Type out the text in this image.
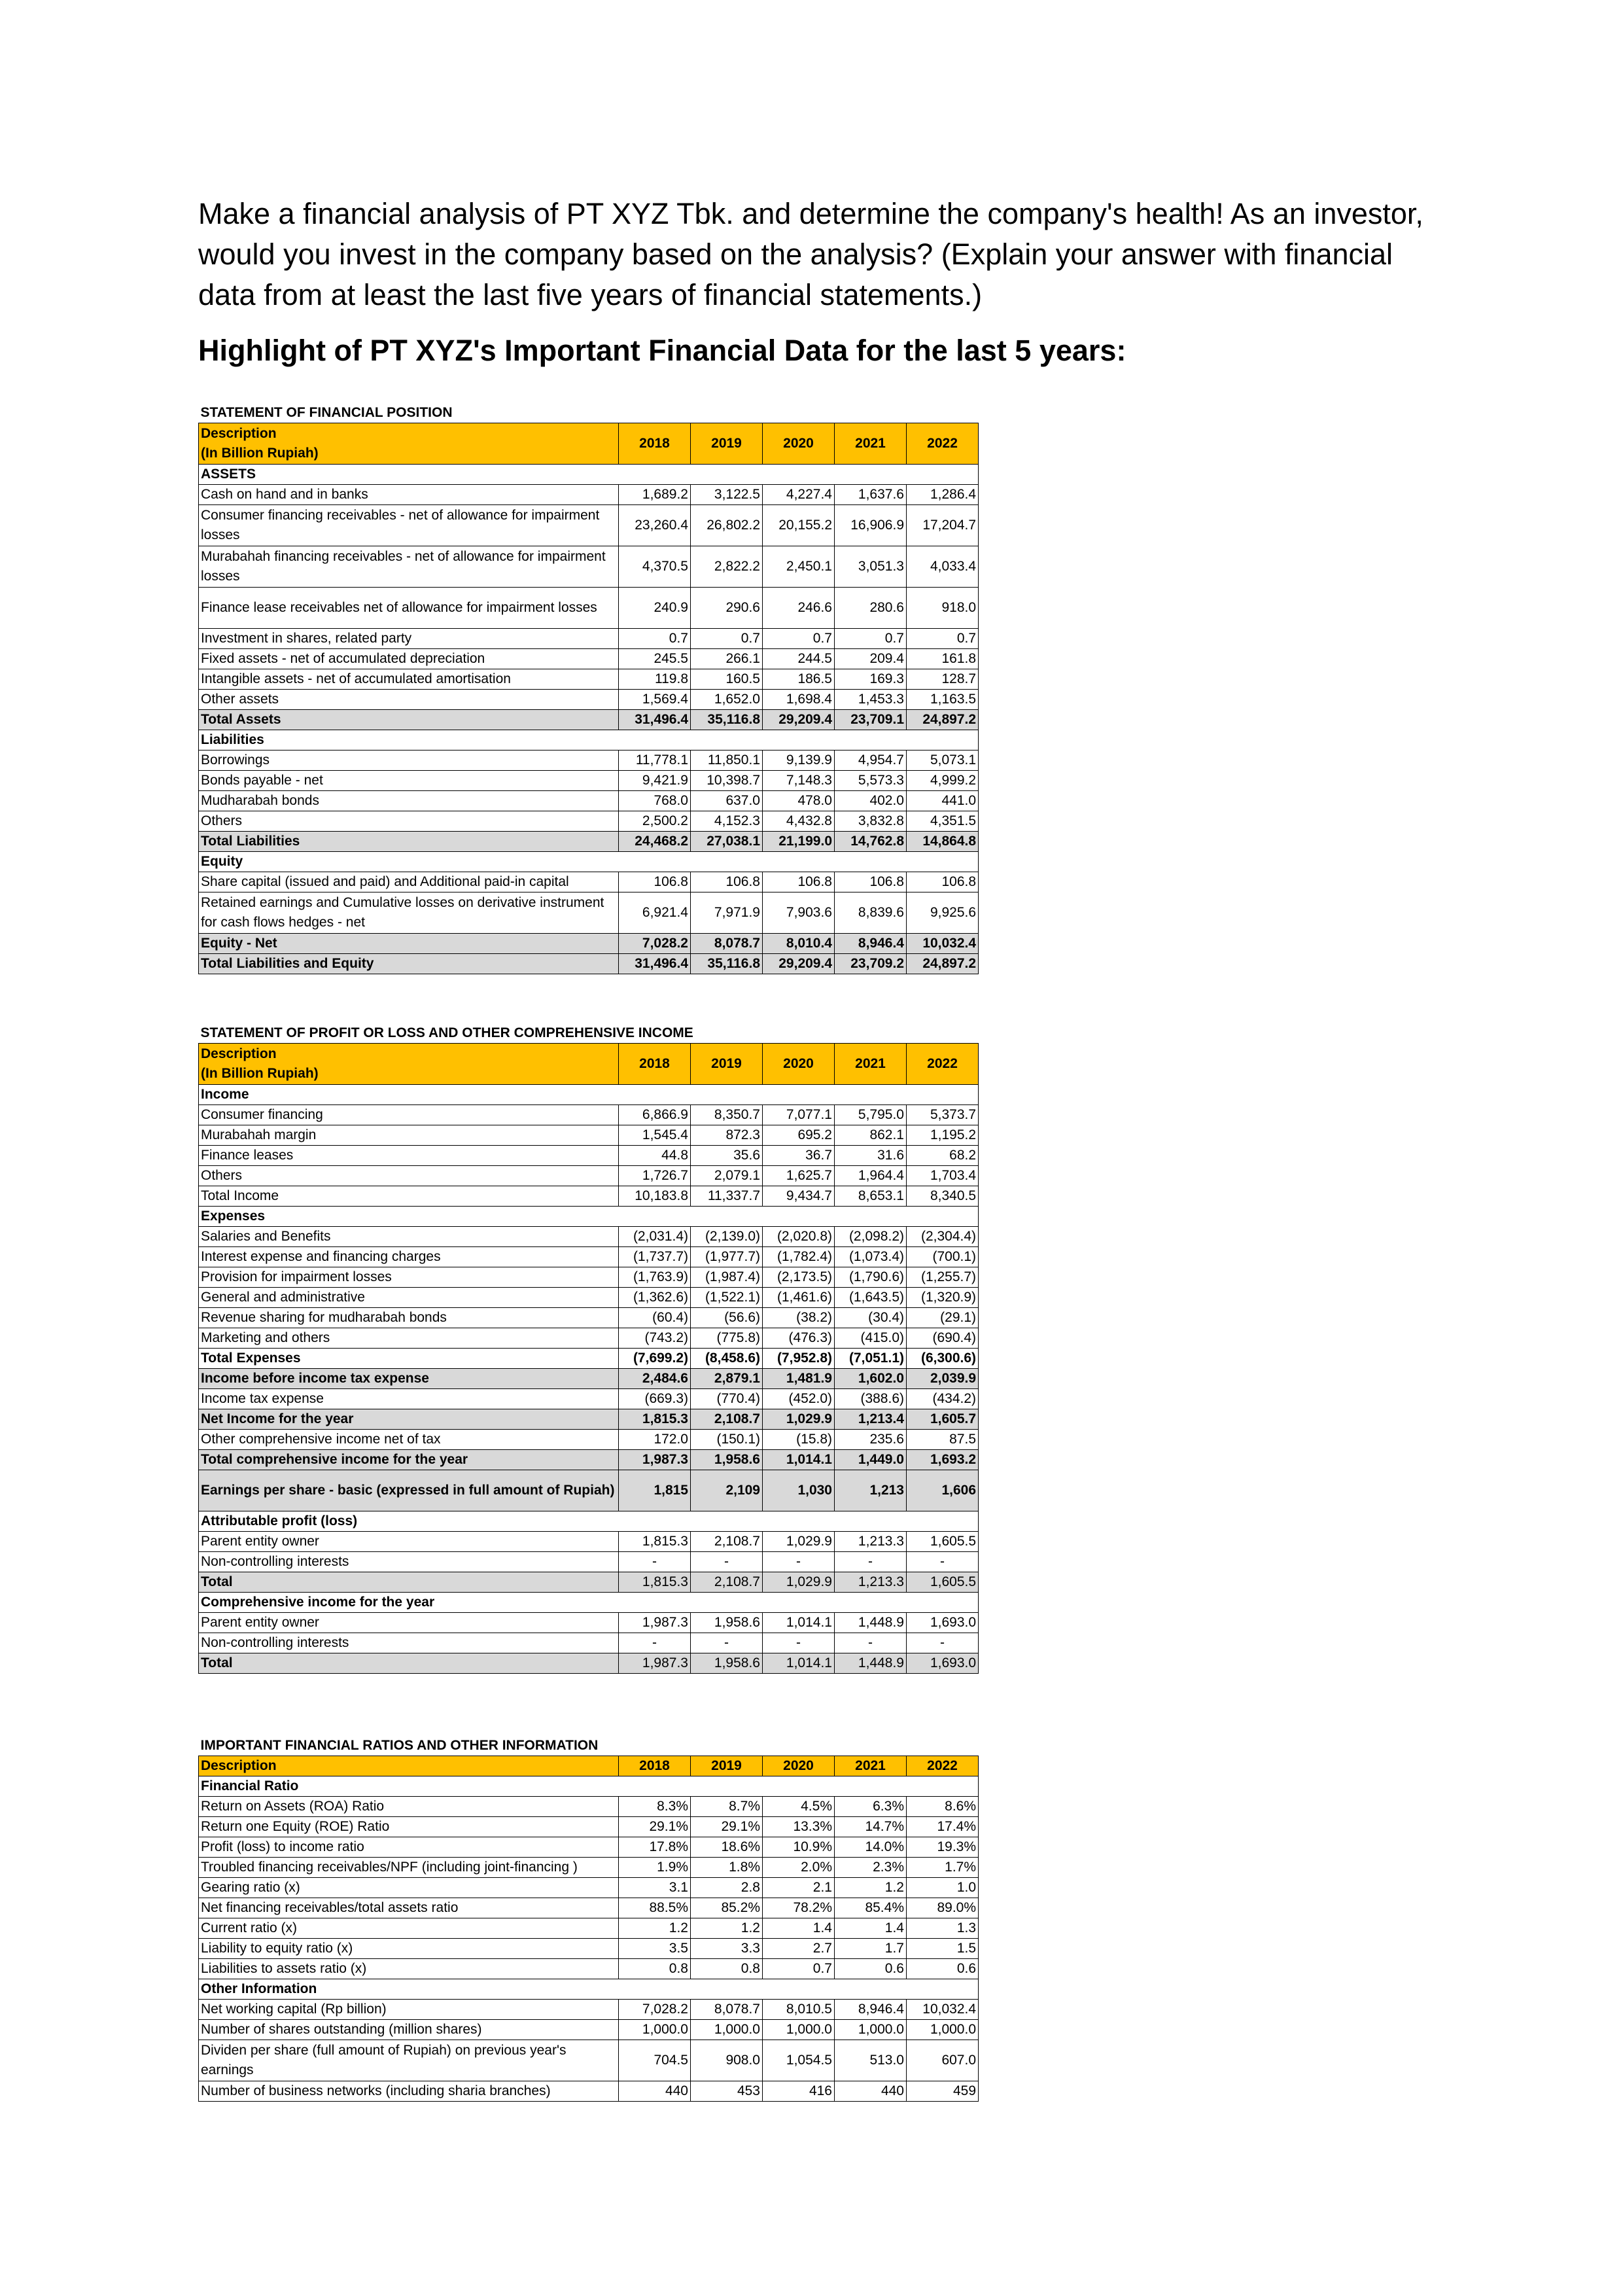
Make a financial analysis of PT XYZ Tbk. and determine the company's health! As an investor, would you invest in the company based on the analysis? (Explain your answer with financial data from at least the last five years of financial statements.)

Highlight of PT XYZ's Important Financial Data for the last 5 years:
STATEMENT OF FINANCIAL POSITION					
Description
(In Billion Rupiah)	2018	2019	2020	2021	2022
ASSETS					
Cash on hand and in banks	1,689.2	3,122.5	4,227.4	1,637.6	1,286.4
Consumer financing receivables - net of allowance for impairment losses	23,260.4	26,802.2	20,155.2	16,906.9	17,204.7
Murabahah financing receivables - net of allowance for impairment losses	4,370.5	2,822.2	2,450.1	3,051.3	4,033.4
Finance lease receivables net of allowance for impairment losses	240.9	290.6	246.6	280.6	918.0
Investment in shares, related party	0.7	0.7	0.7	0.7	0.7
Fixed assets - net of accumulated depreciation	245.5	266.1	244.5	209.4	161.8
Intangible assets - net of accumulated amortisation	119.8	160.5	186.5	169.3	128.7
Other assets	1,569.4	1,652.0	1,698.4	1,453.3	1,163.5
Total Assets	31,496.4	35,116.8	29,209.4	23,709.1	24,897.2
Liabilities					
Borrowings	11,778.1	11,850.1	9,139.9	4,954.7	5,073.1
Bonds payable - net	9,421.9	10,398.7	7,148.3	5,573.3	4,999.2
Mudharabah bonds	768.0	637.0	478.0	402.0	441.0
Others	2,500.2	4,152.3	4,432.8	3,832.8	4,351.5
Total Liabilities	24,468.2	27,038.1	21,199.0	14,762.8	14,864.8
Equity					
Share capital (issued and paid) and Additional paid-in capital	106.8	106.8	106.8	106.8	106.8
Retained earnings and Cumulative losses on derivative instrument for cash flows hedges - net	6,921.4	7,971.9	7,903.6	8,839.6	9,925.6
Equity - Net	7,028.2	8,078.7	8,010.4	8,946.4	10,032.4
Total Liabilities and Equity	31,496.4	35,116.8	29,209.4	23,709.2	24,897.2
STATEMENT OF PROFIT OR LOSS AND OTHER COMPREHENSIVE INCOME					
Description
(In Billion Rupiah)	2018	2019	2020	2021	2022
Income					
Consumer financing	6,866.9	8,350.7	7,077.1	5,795.0	5,373.7
Murabahah margin	1,545.4	872.3	695.2	862.1	1,195.2
Finance leases	44.8	35.6	36.7	31.6	68.2
Others	1,726.7	2,079.1	1,625.7	1,964.4	1,703.4
Total Income	10,183.8	11,337.7	9,434.7	8,653.1	8,340.5
Expenses					
Salaries and Benefits	(2,031.4)	(2,139.0)	(2,020.8)	(2,098.2)	(2,304.4)
Interest expense and financing charges	(1,737.7)	(1,977.7)	(1,782.4)	(1,073.4)	(700.1)
Provision for impairment losses	(1,763.9)	(1,987.4)	(2,173.5)	(1,790.6)	(1,255.7)
General and administrative	(1,362.6)	(1,522.1)	(1,461.6)	(1,643.5)	(1,320.9)
Revenue sharing for mudharabah bonds	(60.4)	(56.6)	(38.2)	(30.4)	(29.1)
Marketing and others	(743.2)	(775.8)	(476.3)	(415.0)	(690.4)
Total Expenses	(7,699.2)	(8,458.6)	(7,952.8)	(7,051.1)	(6,300.6)
Income before income tax expense	2,484.6	2,879.1	1,481.9	1,602.0	2,039.9
Income tax expense	(669.3)	(770.4)	(452.0)	(388.6)	(434.2)
Net Income for the year	1,815.3	2,108.7	1,029.9	1,213.4	1,605.7
Other comprehensive income net of tax	172.0	(150.1)	(15.8)	235.6	87.5
Total comprehensive income for the year	1,987.3	1,958.6	1,014.1	1,449.0	1,693.2
Earnings per share - basic (expressed in full amount of Rupiah)	1,815	2,109	1,030	1,213	1,606
Attributable profit (loss)					
Parent entity owner	1,815.3	2,108.7	1,029.9	1,213.3	1,605.5
Non-controlling interests	-	-	-	-	-
Total	1,815.3	2,108.7	1,029.9	1,213.3	1,605.5
Comprehensive income for the year					
Parent entity owner	1,987.3	1,958.6	1,014.1	1,448.9	1,693.0
Non-controlling interests	-	-	-	-	-
Total	1,987.3	1,958.6	1,014.1	1,448.9	1,693.0
IMPORTANT FINANCIAL RATIOS AND OTHER INFORMATION					
Description	2018	2019	2020	2021	2022
Financial Ratio					
Return on Assets (ROA) Ratio	8.3%	8.7%	4.5%	6.3%	8.6%
Return one Equity (ROE) Ratio	29.1%	29.1%	13.3%	14.7%	17.4%
Profit (loss) to income ratio	17.8%	18.6%	10.9%	14.0%	19.3%
Troubled financing receivables/NPF (including joint-financing )	1.9%	1.8%	2.0%	2.3%	1.7%
Gearing ratio (x)	3.1	2.8	2.1	1.2	1.0
Net financing receivables/total assets ratio	88.5%	85.2%	78.2%	85.4%	89.0%
Current ratio (x)	1.2	1.2	1.4	1.4	1.3
Liability to equity ratio (x)	3.5	3.3	2.7	1.7	1.5
Liabilities to assets ratio (x)	0.8	0.8	0.7	0.6	0.6
Other Information					
Net working capital (Rp billion)	7,028.2	8,078.7	8,010.5	8,946.4	10,032.4
Number of shares outstanding (million shares)	1,000.0	1,000.0	1,000.0	1,000.0	1,000.0
Dividen per share (full amount of Rupiah) on previous year's earnings	704.5	908.0	1,054.5	513.0	607.0
Number of business networks (including sharia branches)	440	453	416	440	459
